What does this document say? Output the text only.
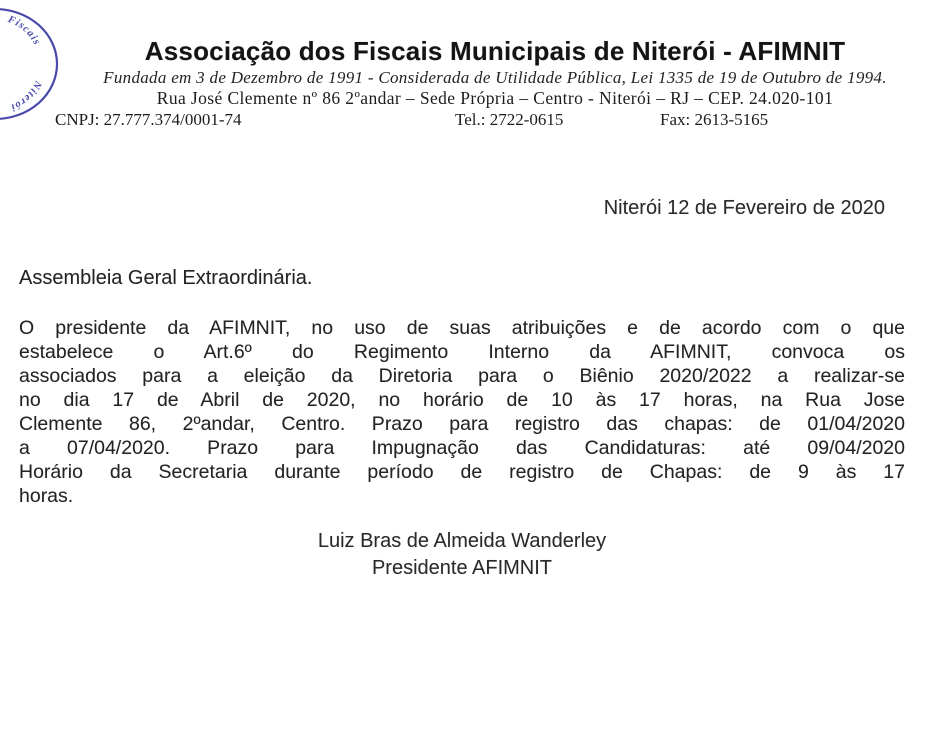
Fiscais
Niterói
Associação dos Fiscais Municipais de Niterói - AFIMNIT
Fundada em 3 de Dezembro de 1991 - Considerada de Utilidade Pública, Lei 1335 de 19 de Outubro de 1994.
Rua José Clemente nº 86 2ºandar – Sede Própria – Centro - Niterói – RJ – CEP. 24.020-101
CNPJ: 27.777.374/0001-74	Tel.: 2722-0615	Fax: 2613-5165
Niterói 12 de Fevereiro de 2020
Assembleia Geral Extraordinária.
O presidente da AFIMNIT, no uso de suas atribuições e de acordo com o que
estabelece o Art.6º do Regimento Interno da AFIMNIT, convoca os
associados para a eleição da Diretoria para o Biênio 2020/2022 a realizar-se
no dia 17 de Abril de 2020, no horário de 10 às 17 horas, na Rua Jose
Clemente 86, 2ºandar, Centro. Prazo para registro das chapas: de 01/04/2020
a 07/04/2020. Prazo para Impugnação das Candidaturas: até 09/04/2020
Horário da Secretaria durante período de registro de Chapas: de 9 às 17
horas.
Luiz Bras de Almeida Wanderley
Presidente AFIMNIT
